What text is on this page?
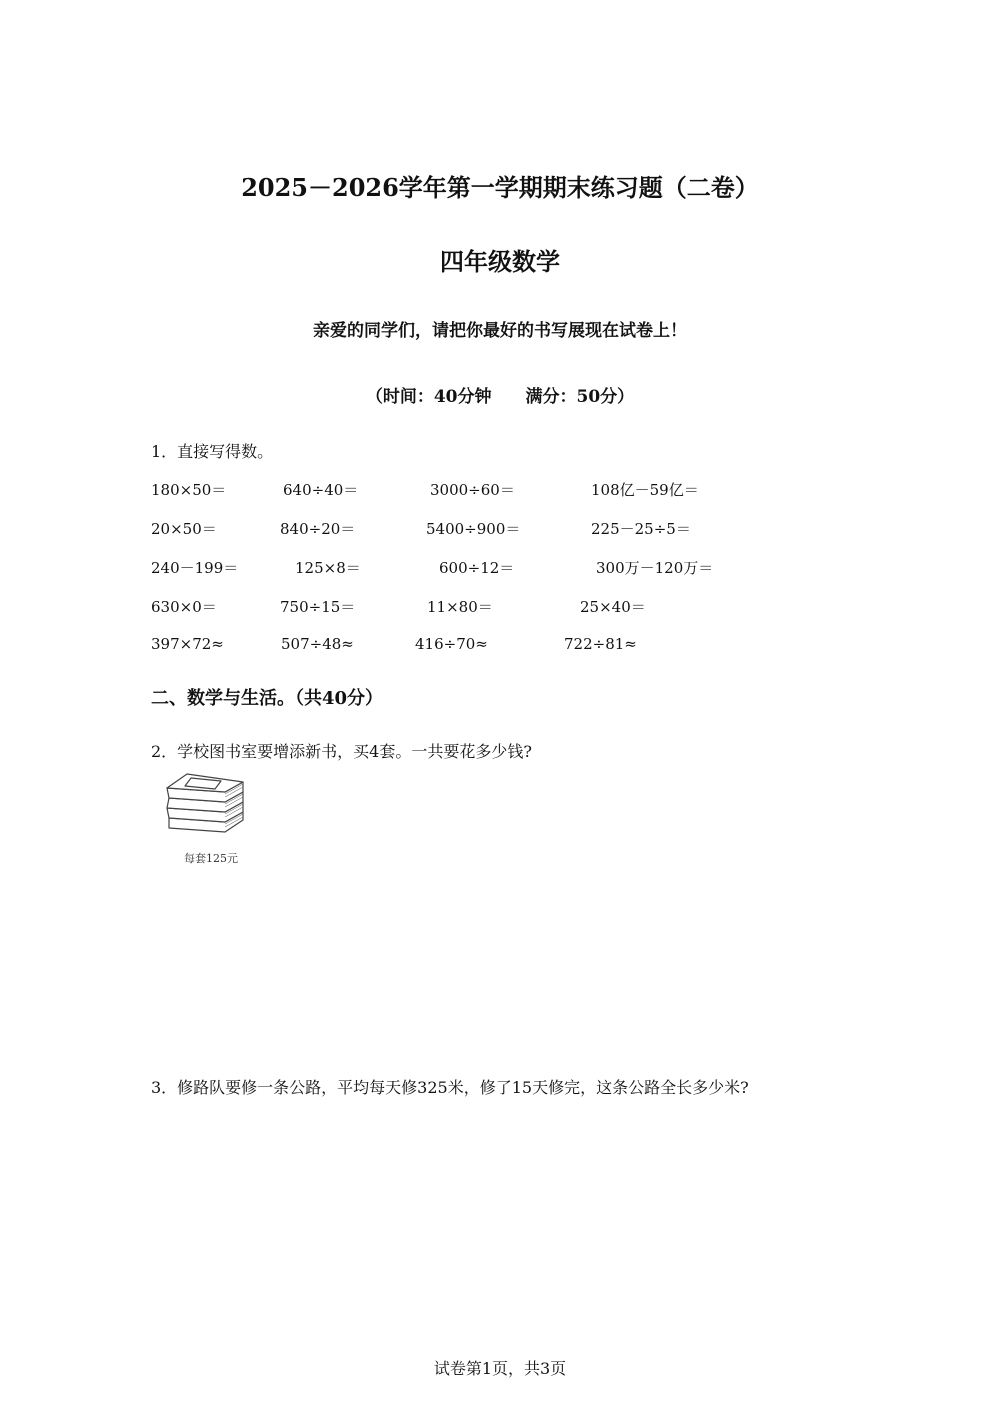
2025－2026学年第一学期期末练习题（二卷）
四年级数学
亲爱的同学们，请把你最好的书写展现在试卷上！
（时间：40分钟　　满分：50分）
1．直接写得数。
180×50＝	640÷40＝	3000÷60＝	108亿－59亿＝
20×50＝	840÷20＝	5400÷900＝	225－25÷5＝
240－199＝	125×8＝	600÷12＝	300万－120万＝
630×0＝	750÷15＝	11×80＝	25×40＝
397×72≈	507÷48≈	416÷70≈	722÷81≈
二、数学与生活。（共40分）
2．学校图书室要增添新书，买4套。一共要花多少钱?
每套125元
3．修路队要修一条公路，平均每天修325米，修了15天修完，这条公路全长多少米?
试卷第1页，共3页
